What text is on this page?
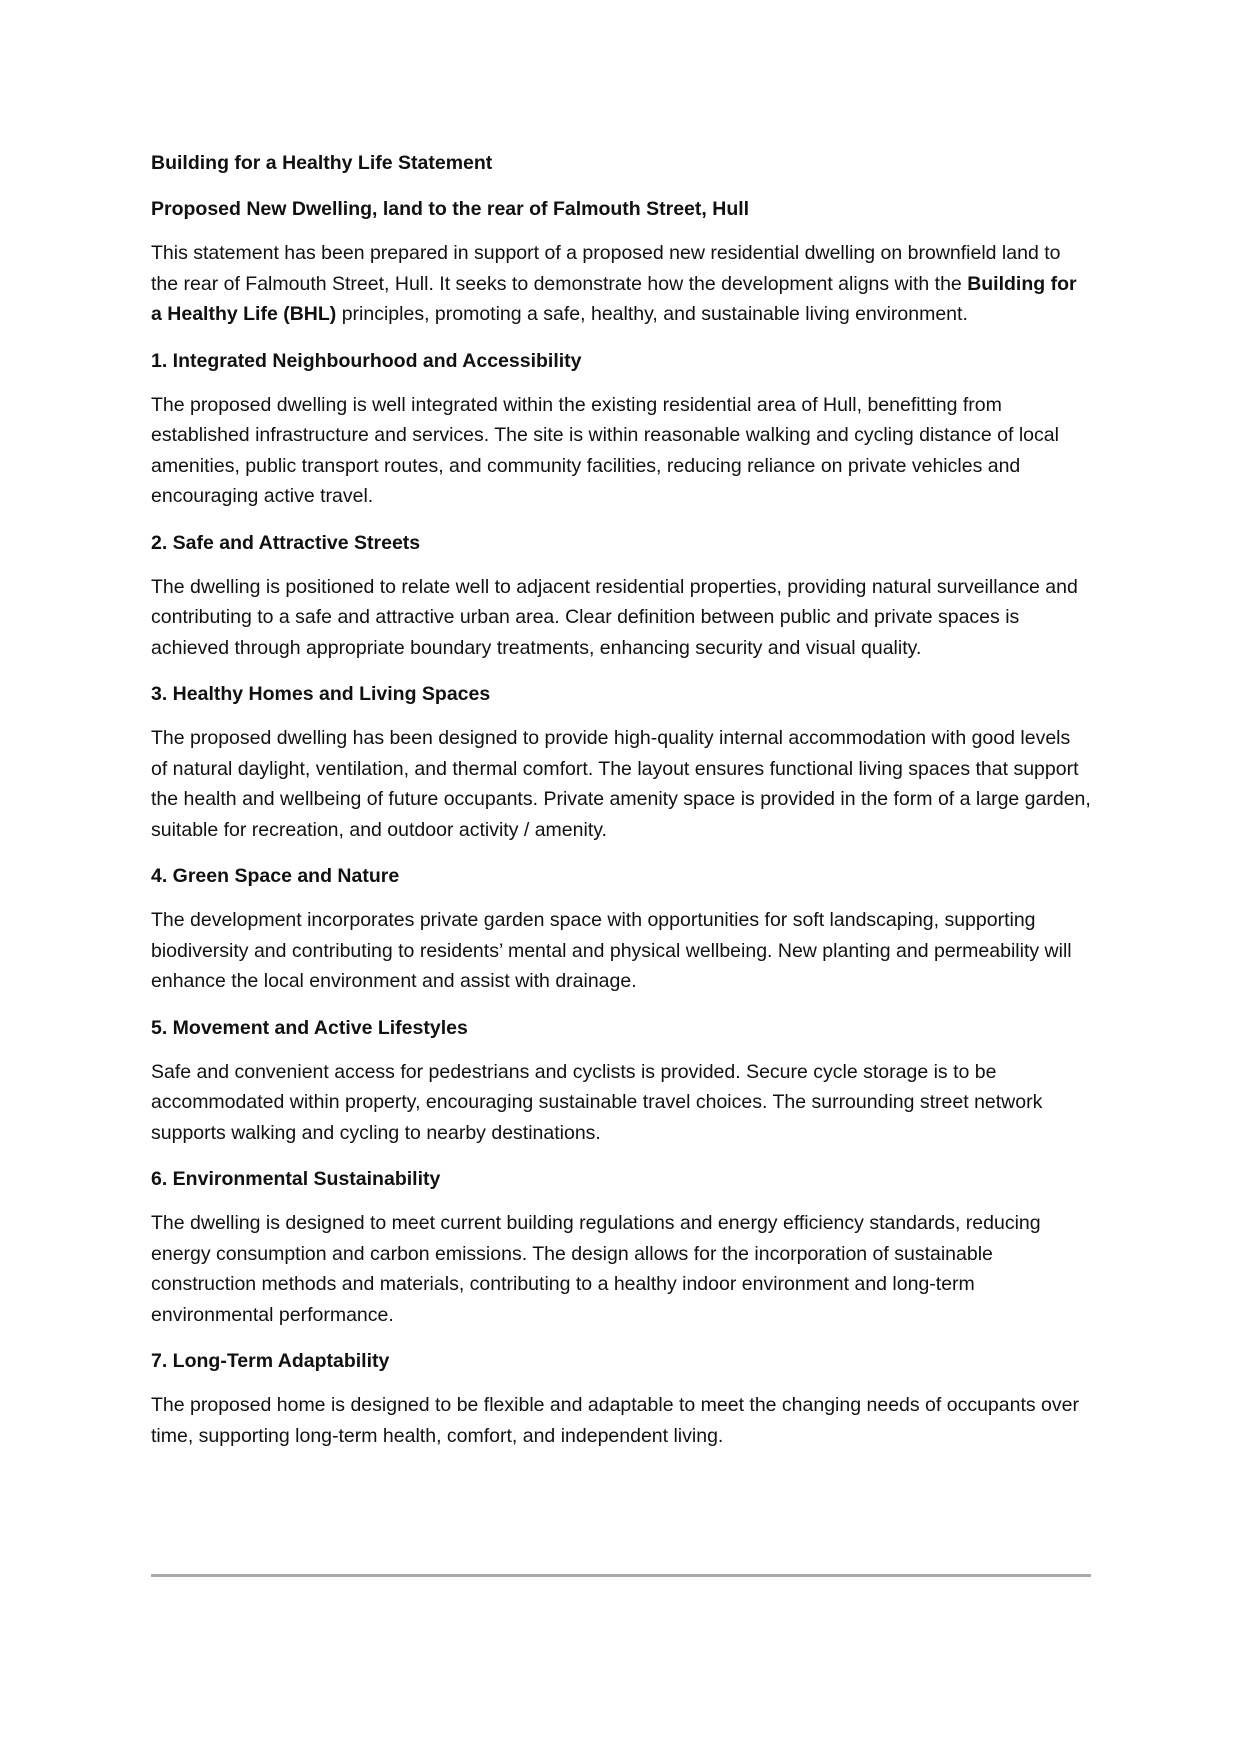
Building for a Healthy Life Statement
Proposed New Dwelling, land to the rear of Falmouth Street, Hull

This statement has been prepared in support of a proposed new residential dwelling on brownfield land to the rear of Falmouth Street, Hull. It seeks to demonstrate how the development aligns with the Building for a Healthy Life (BHL) principles, promoting a safe, healthy, and sustainable living environment.

1. Integrated Neighbourhood and Accessibility

The proposed dwelling is well integrated within the existing residential area of Hull, benefitting from established infrastructure and services. The site is within reasonable walking and cycling distance of local amenities, public transport routes, and community facilities, reducing reliance on private vehicles and encouraging active travel.

2. Safe and Attractive Streets

The dwelling is positioned to relate well to adjacent residential properties, providing natural surveillance and contributing to a safe and attractive urban area. Clear definition between public and private spaces is achieved through appropriate boundary treatments, enhancing security and visual quality.

3. Healthy Homes and Living Spaces

The proposed dwelling has been designed to provide high-quality internal accommodation with good levels of natural daylight, ventilation, and thermal comfort. The layout ensures functional living spaces that support the health and wellbeing of future occupants. Private amenity space is provided in the form of a large garden, suitable for recreation, and outdoor activity / amenity.

4. Green Space and Nature

The development incorporates private garden space with opportunities for soft landscaping, supporting biodiversity and contributing to residents’ mental and physical wellbeing. New planting and permeability will enhance the local environment and assist with drainage.

5. Movement and Active Lifestyles

Safe and convenient access for pedestrians and cyclists is provided. Secure cycle storage is to be accommodated within property, encouraging sustainable travel choices. The surrounding street network supports walking and cycling to nearby destinations.

6. Environmental Sustainability

The dwelling is designed to meet current building regulations and energy efficiency standards, reducing energy consumption and carbon emissions. The design allows for the incorporation of sustainable construction methods and materials, contributing to a healthy indoor environment and long-term environmental performance.

7. Long-Term Adaptability

The proposed home is designed to be flexible and adaptable to meet the changing needs of occupants over time, supporting long-term health, comfort, and independent living.
